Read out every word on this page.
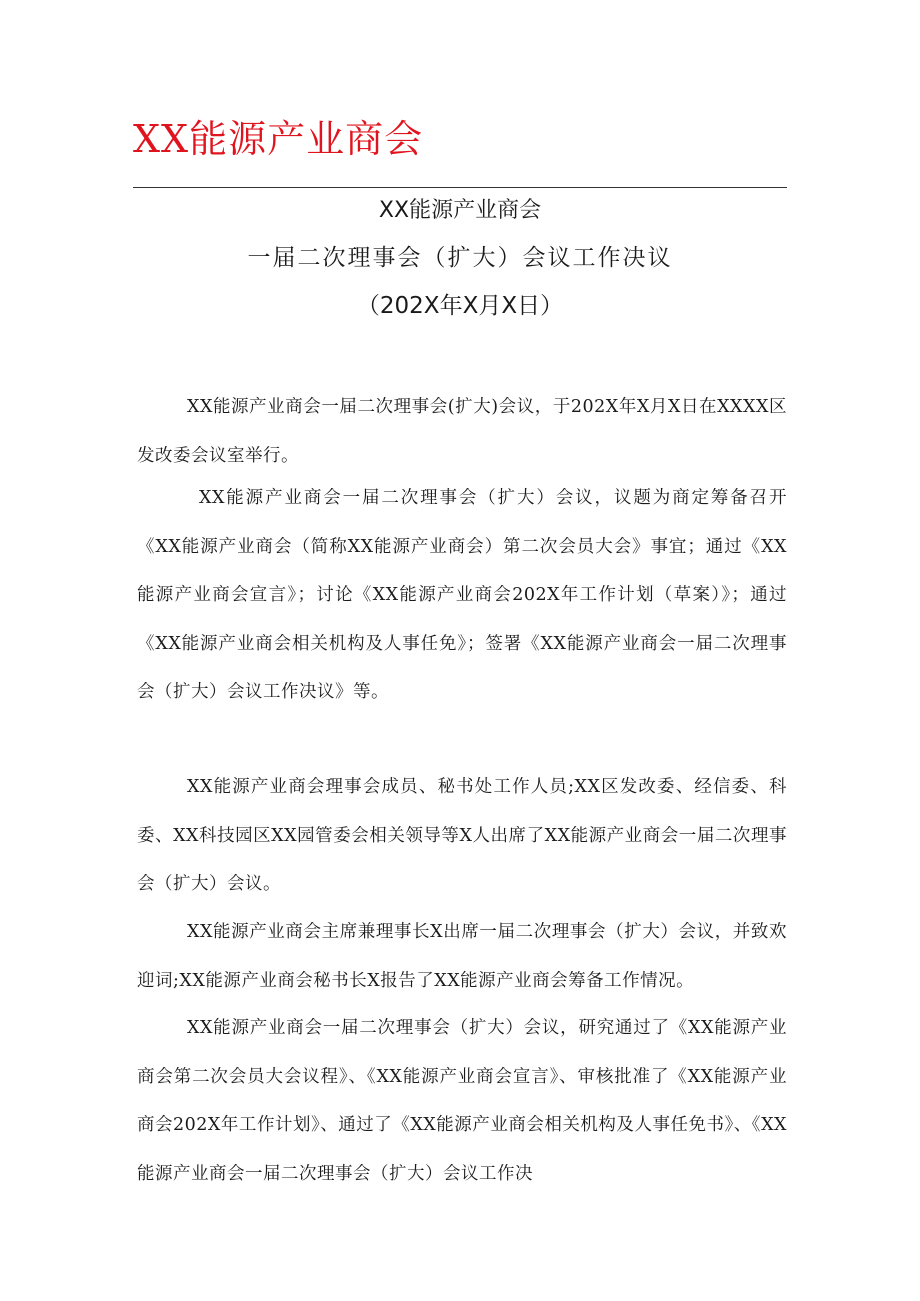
XX能源产业商会
XX能源产业商会
一届二次理事会（扩大）会议工作决议
（202X年X月X日）
XX能源产业商会一届二次理事会(扩大)会议，于202X年X月X日在XXXX区发改委会议室举行。
XX能源产业商会一届二次理事会（扩大）会议，议题为商定筹备召开《XX能源产业商会（简称XX能源产业商会）第二次会员大会》事宜；通过《XX能源产业商会宣言》；讨论《XX能源产业商会202X年工作计划（草案）》；通过《XX能源产业商会相关机构及人事任免》；签署《XX能源产业商会一届二次理事会（扩大）会议工作决议》等。
XX能源产业商会理事会成员、秘书处工作人员;XX区发改委、经信委、科委、XX科技园区XX园管委会相关领导等X人出席了XX能源产业商会一届二次理事会（扩大）会议。
XX能源产业商会主席兼理事长X出席一届二次理事会（扩大）会议，并致欢迎词;XX能源产业商会秘书长X报告了XX能源产业商会筹备工作情况。
XX能源产业商会一届二次理事会（扩大）会议，研究通过了《XX能源产业商会第二次会员大会议程》、《XX能源产业商会宣言》、审核批准了《XX能源产业商会202X年工作计划》、通过了《XX能源产业商会相关机构及人事任免书》、《XX能源产业商会一届二次理事会（扩大）会议工作决
